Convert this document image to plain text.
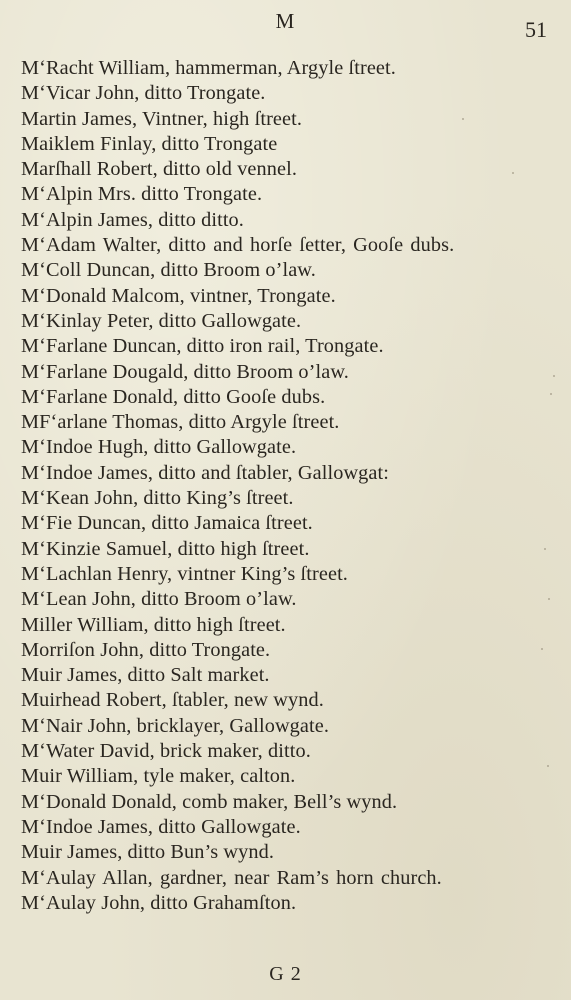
M	51
M‘Racht William, hammerman, Argyle ſtreet.
M‘Vicar John, ditto Trongate.
Martin James, Vintner, high ſtreet.
Maiklem Finlay, ditto Trongate
Marſhall Robert, ditto old vennel.
M‘Alpin Mrs. ditto Trongate.
M‘Alpin James, ditto ditto.
M‘Adam Walter, ditto and horſe ſetter, Gooſe dubs.
M‘Coll Duncan, ditto Broom o’law.
M‘Donald Malcom, vintner, Trongate.
M‘Kinlay Peter, ditto Gallowgate.
M‘Farlane Duncan, ditto iron rail, Trongate.
M‘Farlane Dougald, ditto Broom o’law.
M‘Farlane Donald, ditto Gooſe dubs.
MF‘arlane Thomas, ditto Argyle ſtreet.
M‘Indoe Hugh, ditto Gallowgate.
M‘Indoe James, ditto and ſtabler, Gallowgat:
M‘Kean John, ditto King’s ſtreet.
M‘Fie Duncan, ditto Jamaica ſtreet.
M‘Kinzie Samuel, ditto high ſtreet.
M‘Lachlan Henry, vintner King’s ſtreet.
M‘Lean John, ditto Broom o’law.
Miller William, ditto high ſtreet.
Morriſon John, ditto Trongate.
Muir James, ditto Salt market.
Muirhead Robert, ſtabler, new wynd.
M‘Nair John, bricklayer, Gallowgate.
M‘Water David, brick maker, ditto.
Muir William, tyle maker, calton.
M‘Donald Donald, comb maker, Bell’s wynd.
M‘Indoe James, ditto Gallowgate.
Muir James, ditto Bun’s wynd.
M‘Aulay Allan, gardner, near Ram’s horn church.
M‘Aulay John, ditto Grahamſton.
G 2
